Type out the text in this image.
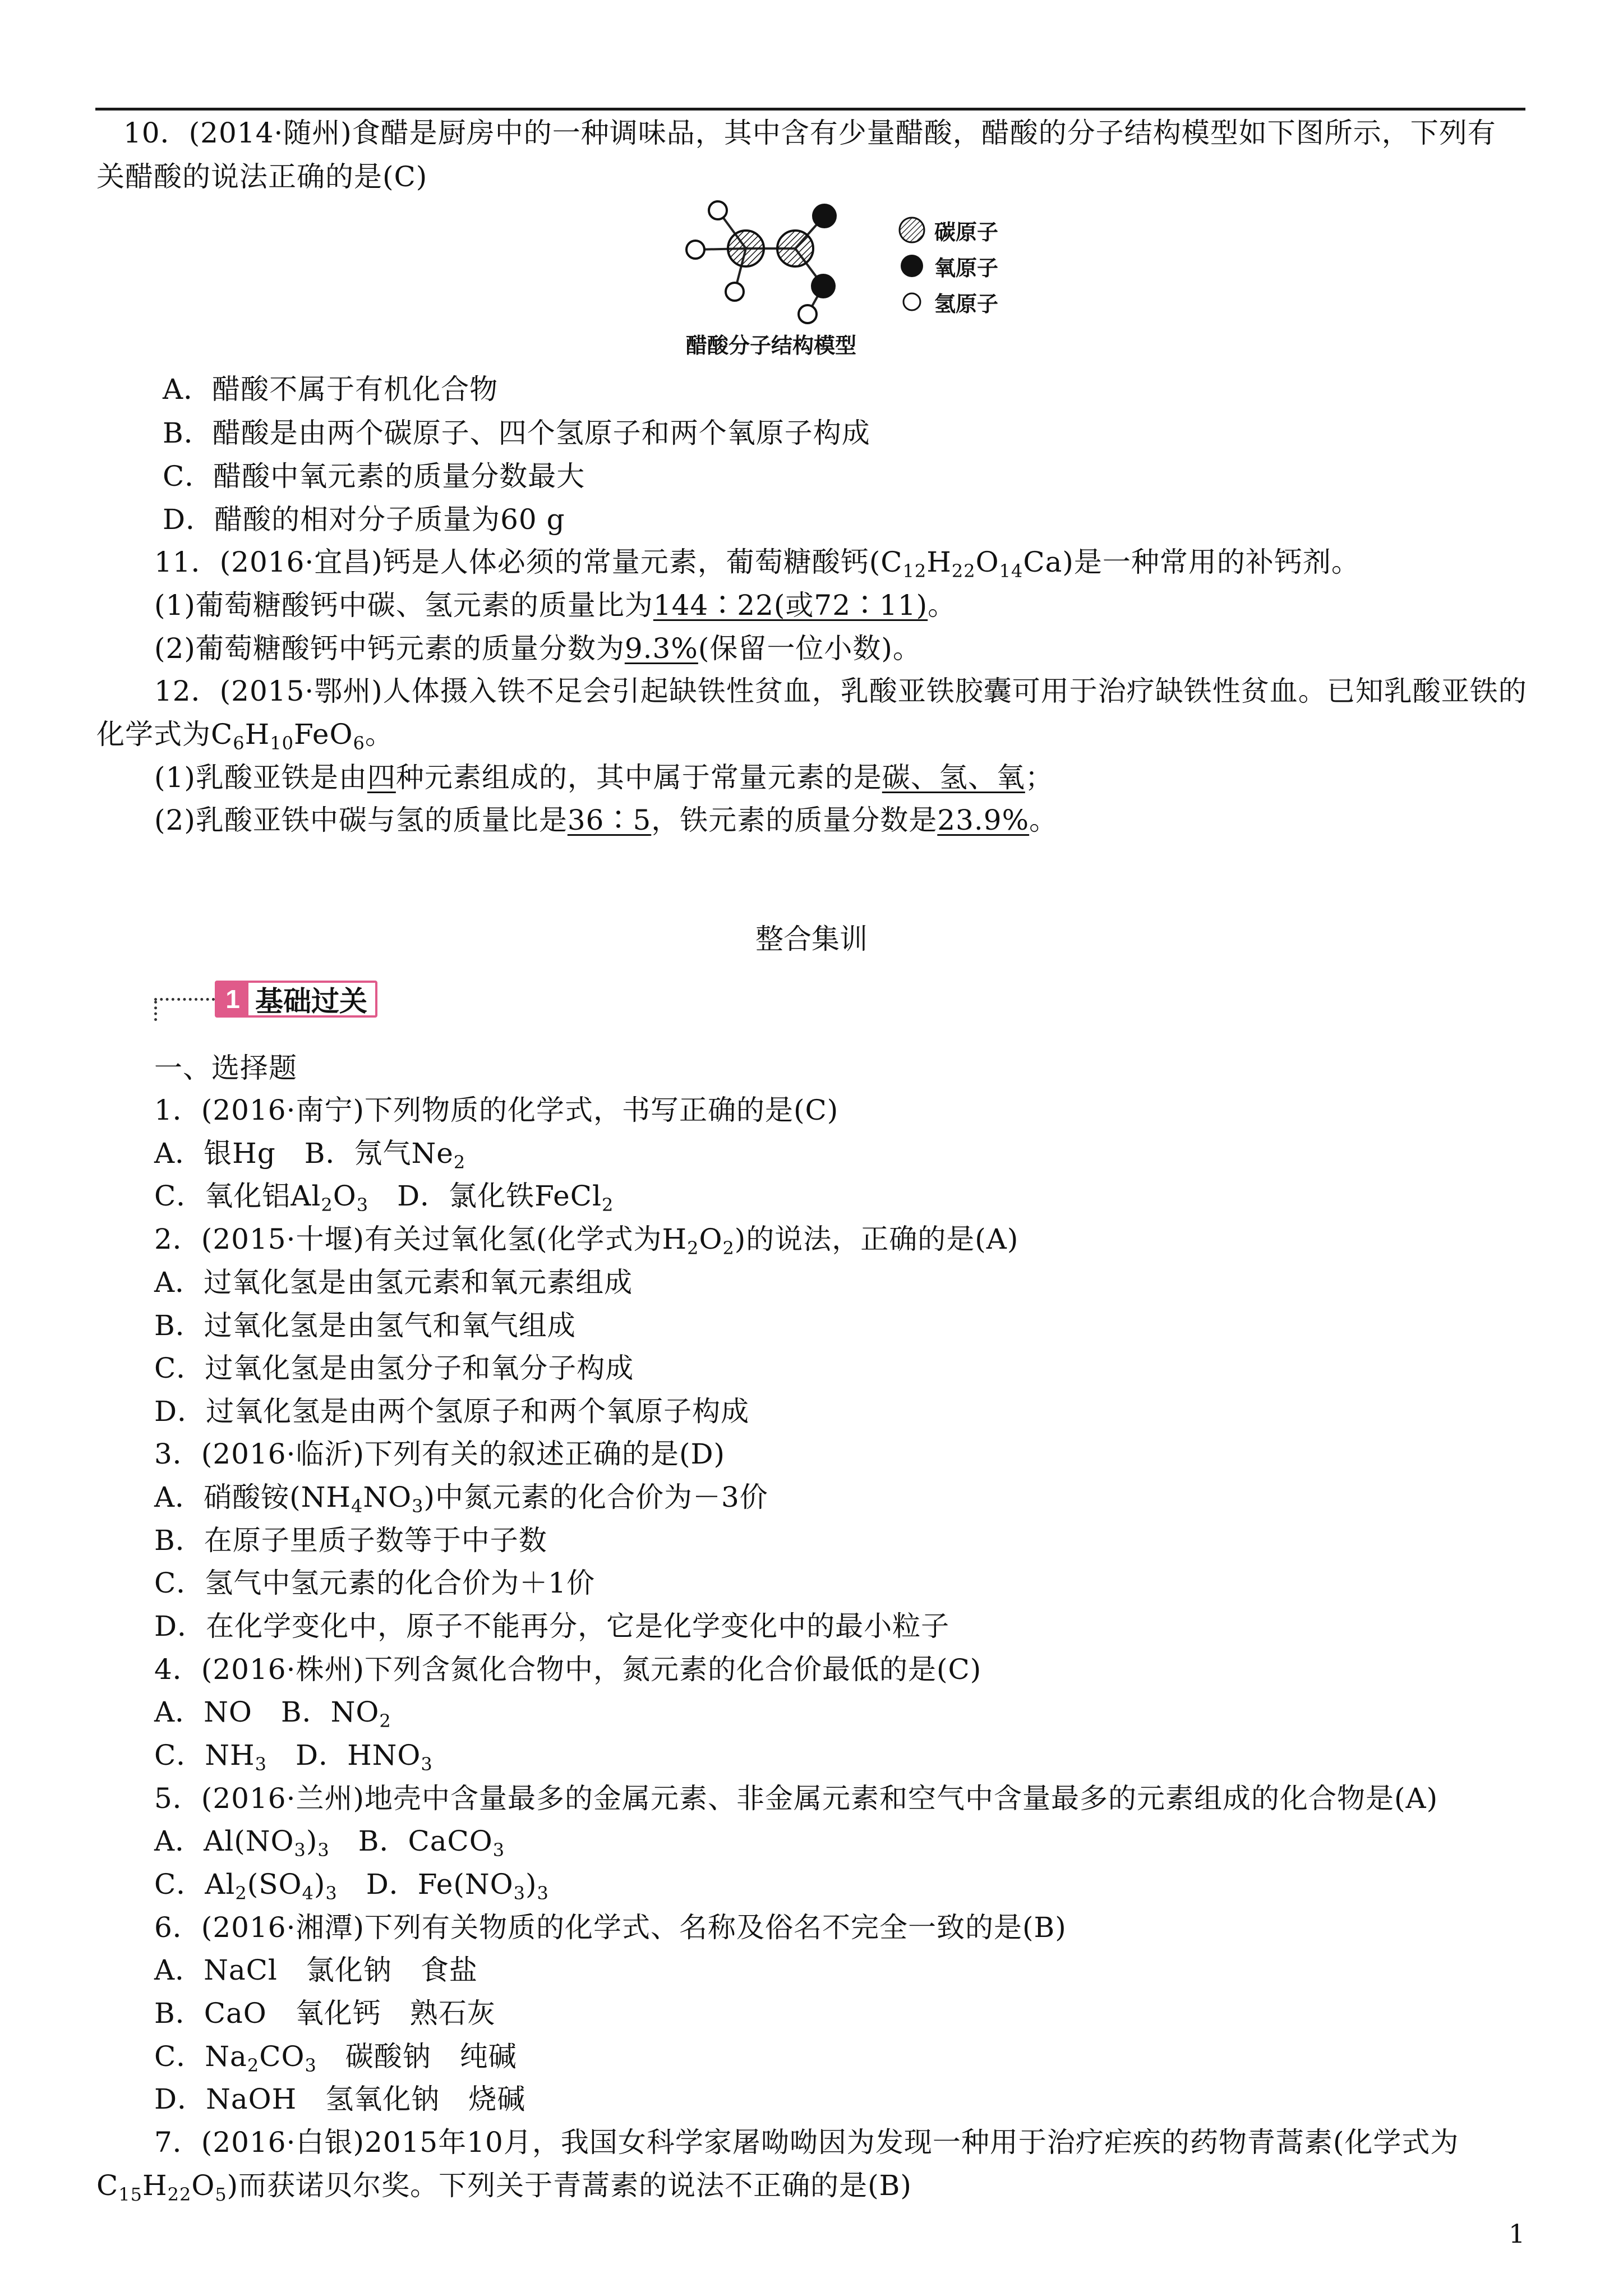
10．(2014·随州)食醋是厨房中的一种调味品，其中含有少量醋酸，醋酸的分子结构模型如下图所示，下列有
关醋酸的说法正确的是(C)
碳原子
氧原子
氢原子
醋酸分子结构模型
A．醋酸不属于有机化合物
B．醋酸是由两个碳原子、四个氢原子和两个氧原子构成
C．醋酸中氧元素的质量分数最大
D．醋酸的相对分子质量为60 g
11．(2016·宜昌)钙是人体必须的常量元素，葡萄糖酸钙$(C_{12}H_{22}O_{14}Ca)$是一种常用的补钙剂。
(1)葡萄糖酸钙中碳、氢元素的质量比为144∶22(或72∶11)。
(2)葡萄糖酸钙中钙元素的质量分数为9.3%(保留一位小数)。
12．(2015·鄂州)人体摄入铁不足会引起缺铁性贫血，乳酸亚铁胶囊可用于治疗缺铁性贫血。已知乳酸亚铁的
化学式为$C_6H_{10}FeO_6$。
(1)乳酸亚铁是由四种元素组成的，其中属于常量元素的是碳、氢、氧；
(2)乳酸亚铁中碳与氢的质量比是36∶5，铁元素的质量分数是23.9%。
整合集训
1 基础过关
一、选择题
1．(2016·南宁)下列物质的化学式，书写正确的是(C)
A．银Hg　 B．氖气$Ne_2$
C．氧化铝$Al_2O_3$　 D．氯化铁FeCl$_2$
2．(2015·十堰)有关过氧化氢(化学式为$H_2O_2$)的说法，正确的是(A)
A．过氧化氢是由氢元素和氧元素组成
B．过氧化氢是由氢气和氧气组成
C．过氧化氢是由氢分子和氧分子构成
D．过氧化氢是由两个氢原子和两个氧原子构成
3．(2016·临沂)下列有关的叙述正确的是(D)
A．硝酸铵$(NH_4NO_3)$中氮元素的化合价为－3价
B．在原子里质子数等于中子数
C．氢气中氢元素的化合价为＋1价
D．在化学变化中，原子不能再分，它是化学变化中的最小粒子
4．(2016·株州)下列含氮化合物中，氮元素的化合价最低的是(C)
A．NO　 B．$NO_2$
C．$NH_3$　 D．$HNO_3$
5．(2016·兰州)地壳中含量最多的金属元素、非金属元素和空气中含量最多的元素组成的化合物是(A)
A．$Al(NO_3)_3$　 B．CaCO$_3$
C．$Al_2(SO_4)_3$　 D．$Fe(NO_3)_3$
6．(2016·湘潭)下列有关物质的化学式、名称及俗名不完全一致的是(B)
A．NaCl　氯化钠　食盐
B．CaO　氧化钙　熟石灰
C．$Na_2CO_3$　碳酸钠　纯碱
D．NaOH　氢氧化钠　烧碱
7．(2016·白银)2015年10月，我国女科学家屠呦呦因为发现一种用于治疗疟疾的药物青蒿素(化学式为
$C_{15}H_{22}O_5$)而获诺贝尔奖。下列关于青蒿素的说法不正确的是(B)
1
